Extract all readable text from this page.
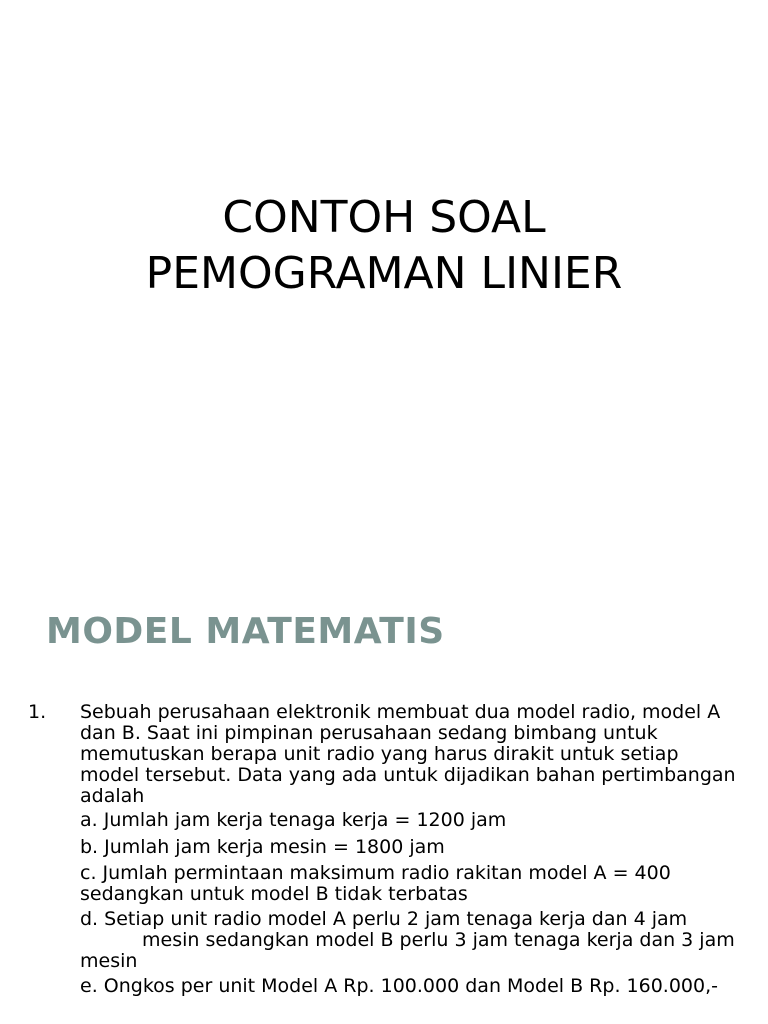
CONTOH SOAL
PEMOGRAMAN LINIER
MODEL MATEMATIS
1. Sebuah perusahaan elektronik membuat dua model radio, model A dan B. Saat ini pimpinan perusahaan sedang bimbang untuk memutuskan berapa unit radio yang harus dirakit untuk setiap model tersebut. Data yang ada untuk dijadikan bahan pertimbangan adalah
a. Jumlah jam kerja tenaga kerja = 1200 jam
b. Jumlah jam kerja mesin = 1800 jam
c. Jumlah permintaan maksimum radio rakitan model A = 400sedangkan untuk model B tidak terbatas
d. Setiap unit radio model A perlu 2 jam tenaga kerja dan 4 jammesin sedangkan model B perlu 3 jam tenaga kerja dan 3 jam mesin
e. Ongkos per unit Model A Rp. 100.000 dan Model B Rp. 160.000,-
